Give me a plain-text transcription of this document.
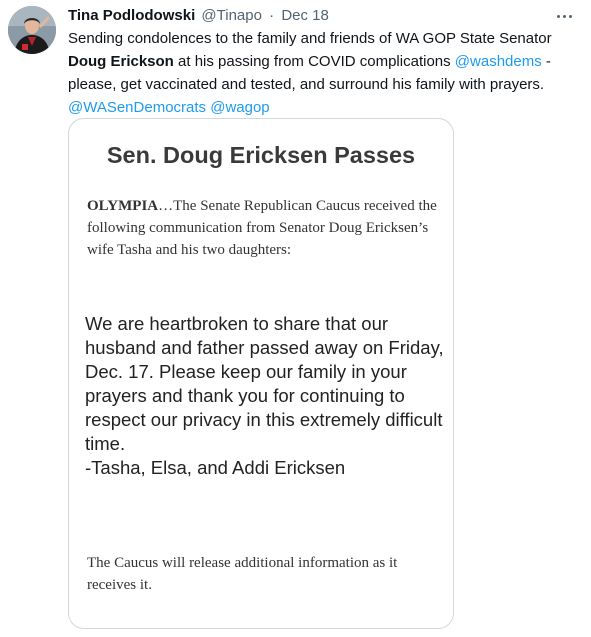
Tina Podlodowski @Tinapo · Dec 18
Sending condolences to the family and friends of WA GOP State Senator Doug Erickson at his passing from COVID complications @washdems - please, get vaccinated and tested, and surround his family with prayers.
@WASenDemocrats @wagop
Sen. Doug Ericksen Passes
OLYMPIA…The Senate Republican Caucus received the following communication from Senator Doug Ericksen’s wife Tasha and his two daughters:
We are heartbroken to share that our husband and father passed away on Friday, Dec. 17. Please keep our family in your prayers and thank you for continuing to respect our privacy in this extremely difficult time.
-Tasha, Elsa, and Addi Ericksen
The Caucus will release additional information as it receives it.
